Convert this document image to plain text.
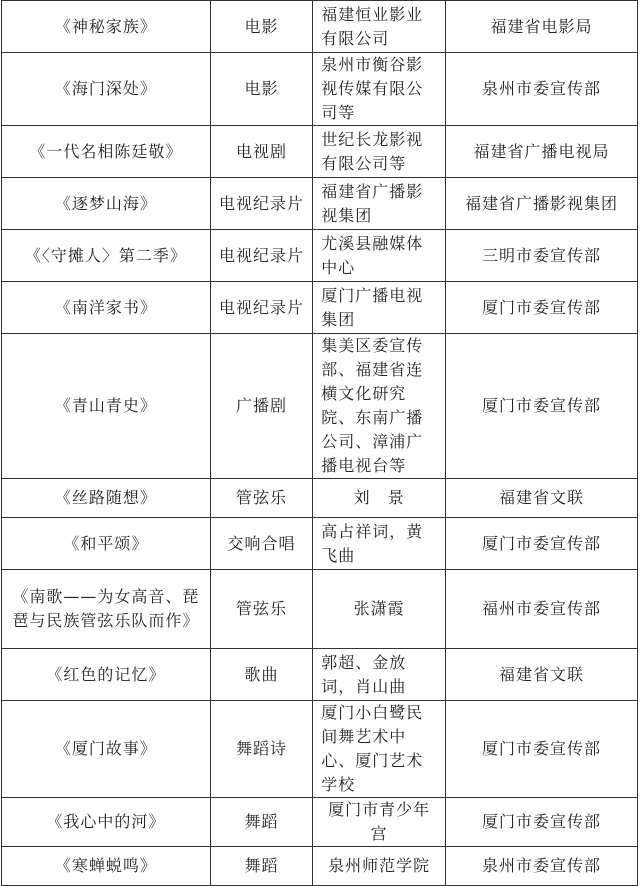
《神秘家族》	电影	福建恒业影业有限公司	福建省电影局
《海门深处》	电影	泉州市衡谷影视传媒有限公司等	泉州市委宣传部
《一代名相陈廷敬》	电视剧	世纪长龙影视有限公司等	福建省广播电视局
《逐梦山海》	电视纪录片	福建省广播影视集团	福建省广播影视集团
《〈守摊人〉第二季》	电视纪录片	尤溪县融媒体中心	三明市委宣传部
《南洋家书》	电视纪录片	厦门广播电视集团	厦门市委宣传部
《青山青史》	广播剧	集美区委宣传部、福建省连横文化研究院、东南广播公司、漳浦广播电视台等	厦门市委宣传部
《丝路随想》	管弦乐	刘　景	福建省文联
《和平颂》	交响合唱	高占祥词，黄飞曲	厦门市委宣传部
《南歌——为女高音、琵琶与民族管弦乐队而作》	管弦乐	张潇霞	福州市委宣传部
《红色的记忆》	歌曲	郭超、金放词，肖山曲	福建省文联
《厦门故事》	舞蹈诗	厦门小白鹭民间舞艺术中心、厦门艺术学校	厦门市委宣传部
《我心中的河》	舞蹈	厦门市青少年宫	厦门市委宣传部
《寒蝉蜕鸣》	舞蹈	泉州师范学院	泉州市委宣传部
